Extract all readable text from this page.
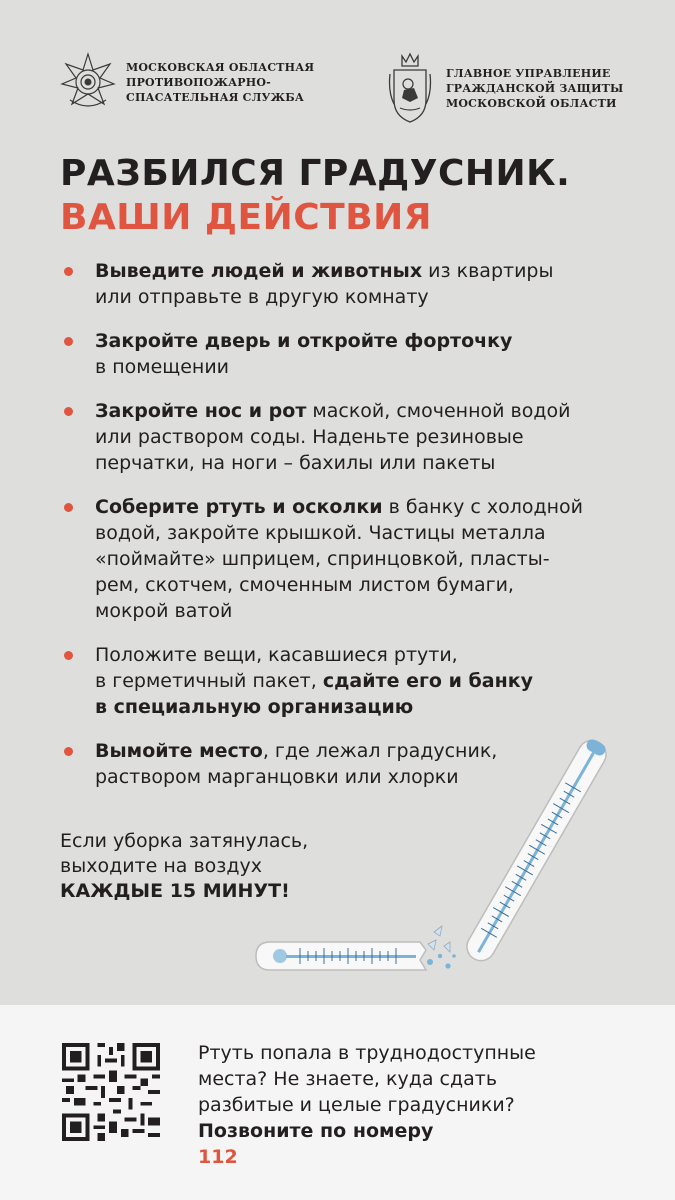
МОСКОВСКАЯ ОБЛАСТНАЯ
ПРОТИВОПОЖАРНО-
СПАСАТЕЛЬНАЯ СЛУЖБА
ГЛАВНОЕ УПРАВЛЕНИЕ
ГРАЖДАНСКОЙ ЗАЩИТЫ
МОСКОВСКОЙ ОБЛАСТИ
РАЗБИЛСЯ ГРАДУСНИК.
ВАШИ ДЕЙСТВИЯ
Выведите людей и животных из квартиры
или отправьте в другую комнату
Закройте дверь и откройте форточку
в помещении
Закройте нос и рот маской, смоченной водой
или раствором соды. Наденьте резиновые
перчатки, на ноги – бахилы или пакеты
Соберите ртуть и осколки в банку с холодной
водой, закройте крышкой. Частицы металла
«поймайте» шприцем, спринцовкой, пласты-
рем, скотчем, смоченным листом бумаги,
мокрой ватой
Положите вещи, касавшиеся ртути,
в герметичный пакет, сдайте его и банку
в специальную организацию
Вымойте место, где лежал градусник,
раствором марганцовки или хлорки
Если уборка затянулась,
выходите на воздух
КАЖДЫЕ 15 МИНУТ!
Ртуть попала в труднодоступные
места? Не знаете, куда сдать
разбитые и целые градусники?
Позвоните по номеру
112
